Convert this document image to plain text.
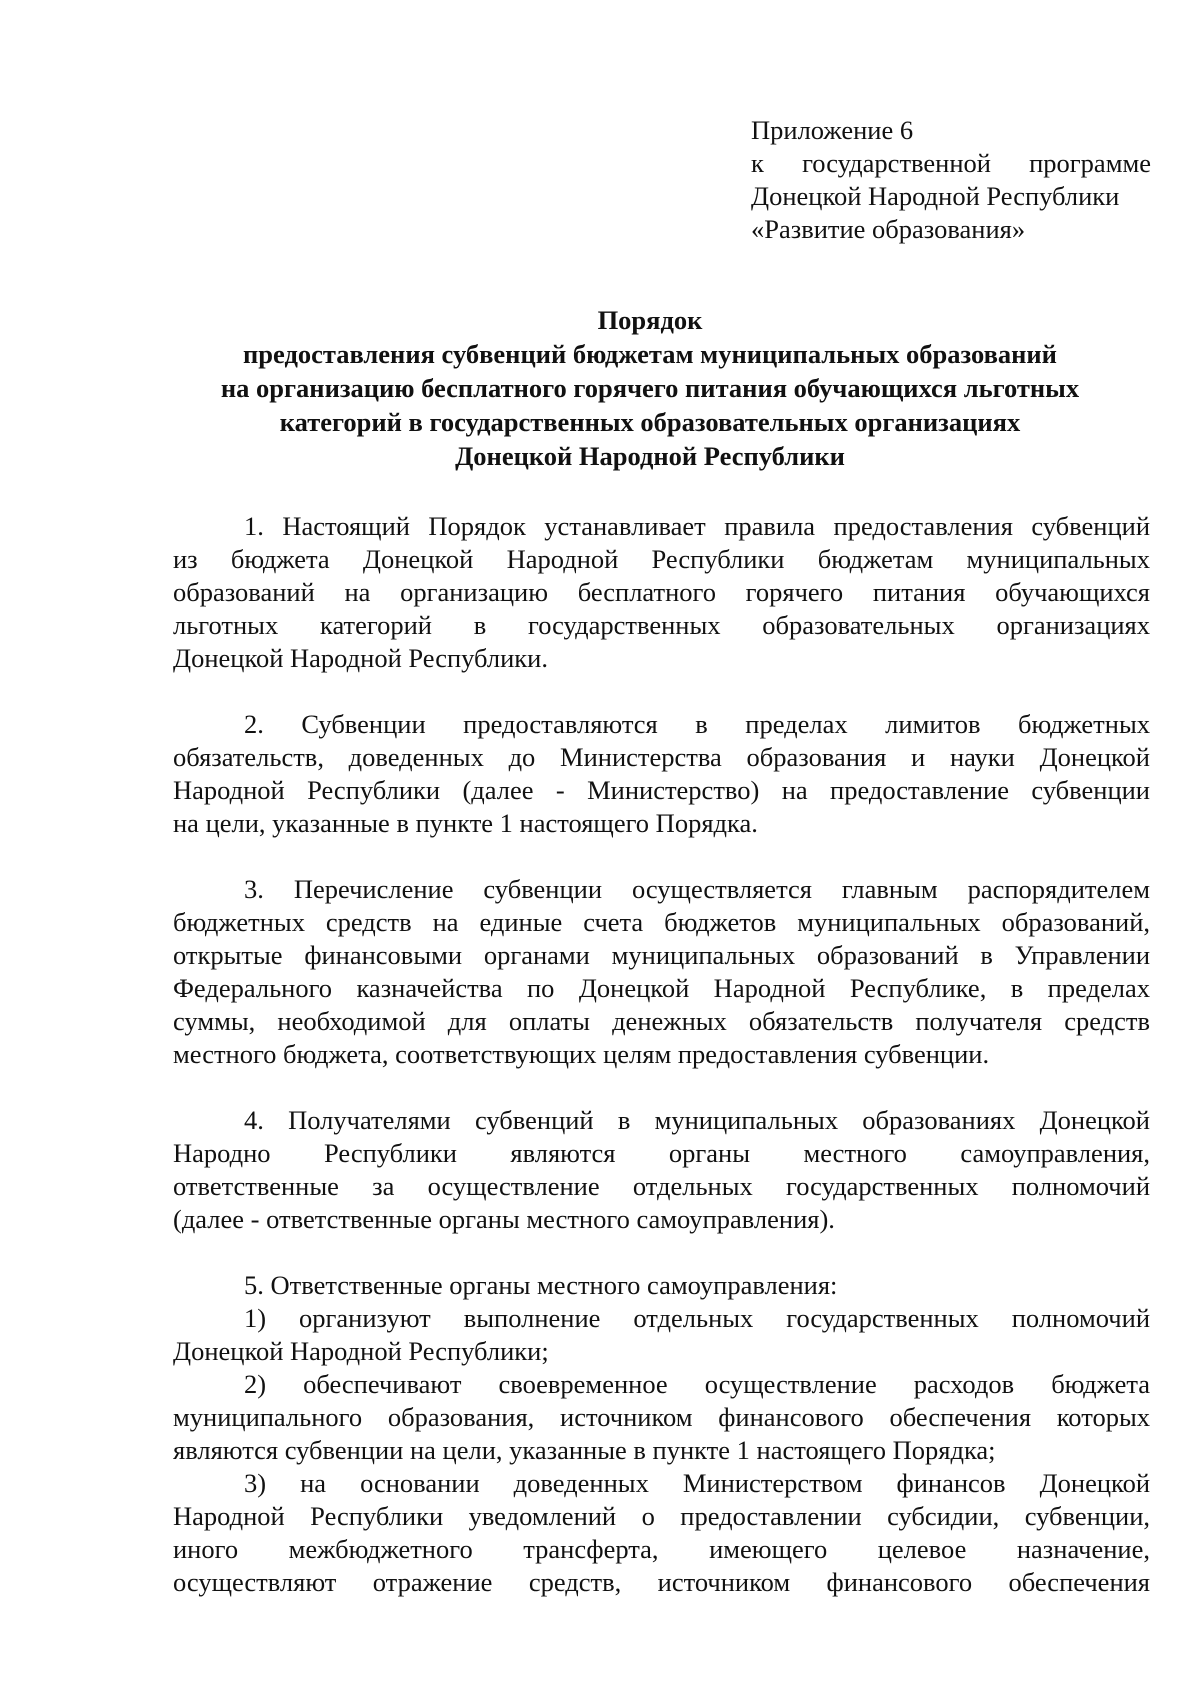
Приложение 6
к государственной программе
Донецкой Народной Республики
«Развитие образования»
Порядок
предоставления субвенций бюджетам муниципальных образований
на организацию бесплатного горячего питания обучающихся льготных
категорий в государственных образовательных организациях
Донецкой Народной Республики
1. Настоящий Порядок устанавливает правила предоставления субвенций
из бюджета Донецкой Народной Республики бюджетам муниципальных
образований на организацию бесплатного горячего питания обучающихся
льготных категорий в государственных образовательных организациях
Донецкой Народной Республики.
2. Субвенции предоставляются в пределах лимитов бюджетных
обязательств, доведенных до Министерства образования и науки Донецкой
Народной Республики (далее - Министерство) на предоставление субвенции
на цели, указанные в пункте 1 настоящего Порядка.
3. Перечисление субвенции осуществляется главным распорядителем
бюджетных средств на единые счета бюджетов муниципальных образований,
открытые финансовыми органами муниципальных образований в Управлении
Федерального казначейства по Донецкой Народной Республике, в пределах
суммы, необходимой для оплаты денежных обязательств получателя средств
местного бюджета, соответствующих целям предоставления субвенции.
4. Получателями субвенций в муниципальных образованиях Донецкой
Народно Республики являются органы местного самоуправления,
ответственные за осуществление отдельных государственных полномочий
(далее - ответственные органы местного самоуправления).
5. Ответственные органы местного самоуправления:
1) организуют выполнение отдельных государственных полномочий
Донецкой Народной Республики;
2) обеспечивают своевременное осуществление расходов бюджета
муниципального образования, источником финансового обеспечения которых
являются субвенции на цели, указанные в пункте 1 настоящего Порядка;
3) на основании доведенных Министерством финансов Донецкой
Народной Республики уведомлений о предоставлении субсидии, субвенции,
иного межбюджетного трансферта, имеющего целевое назначение,
осуществляют отражение средств, источником финансового обеспечения
